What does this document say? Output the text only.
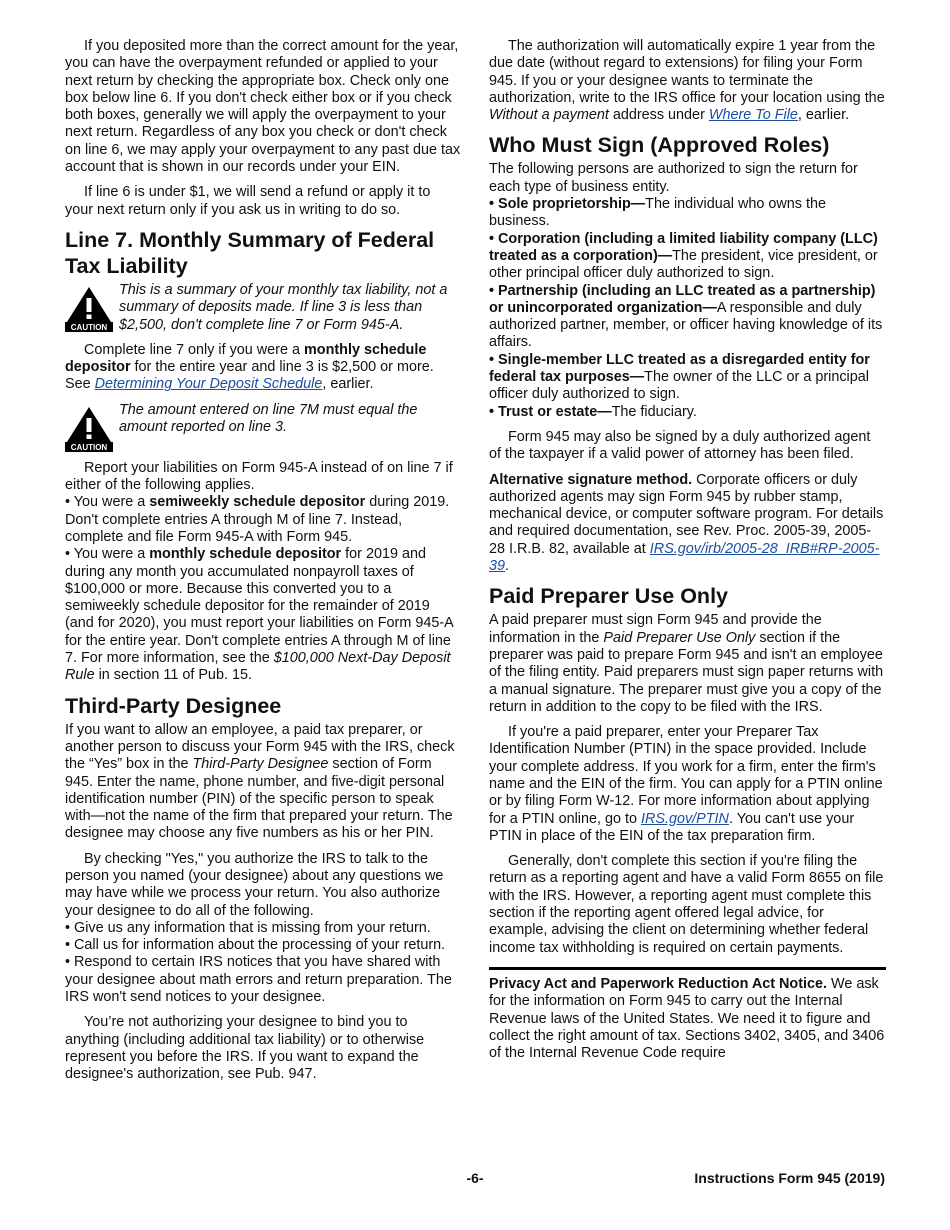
If you deposited more than the correct amount for the year, you can have the overpayment refunded or applied to your next return by checking the appropriate box. Check only one box below line 6. If you don't check either box or if you check both boxes, generally we will apply the overpayment to your next return. Regardless of any box you check or don't check on line 6, we may apply your overpayment to any past due tax account that is shown in our records under your EIN.

If line 6 is under $1, we will send a refund or apply it to your next return only if you ask us in writing to do so.

Line 7. Monthly Summary of Federal Tax Liability
CAUTION
This is a summary of your monthly tax liability, not a summary of deposits made. If line 3 is less than $2,500, don't complete line 7 or Form 945-A.

Complete line 7 only if you were a monthly schedule depositor for the entire year and line 3 is $2,500 or more. See Determining Your Deposit Schedule, earlier.

CAUTION
The amount entered on line 7M must equal the amount reported on line 3.

Report your liabilities on Form 945-A instead of on line 7 if either of the following applies.

• You were a semiweekly schedule depositor during 2019. Don't complete entries A through M of line 7. Instead, complete and file Form 945-A with Form 945.

• You were a monthly schedule depositor for 2019 and during any month you accumulated nonpayroll taxes of $100,000 or more. Because this converted you to a semiweekly schedule depositor for the remainder of 2019 (and for 2020), you must report your liabilities on Form 945-A for the entire year. Don't complete entries A through M of line 7. For more information, see the $100,000 Next-Day Deposit Rule in section 11 of Pub. 15.

Third-Party Designee

If you want to allow an employee, a paid tax preparer, or another person to discuss your Form 945 with the IRS, check the “Yes” box in the Third-Party Designee section of Form 945. Enter the name, phone number, and five-digit personal identification number (PIN) of the specific person to speak with—not the name of the firm that prepared your return. The designee may choose any five numbers as his or her PIN.

By checking "Yes," you authorize the IRS to talk to the person you named (your designee) about any questions we may have while we process your return. You also authorize your designee to do all of the following.

• Give us any information that is missing from your return.

• Call us for information about the processing of your return.

• Respond to certain IRS notices that you have shared with your designee about math errors and return preparation. The IRS won't send notices to your designee.

You’re not authorizing your designee to bind you to anything (including additional tax liability) or to otherwise represent you before the IRS. If you want to expand the designee's authorization, see Pub. 947.

The authorization will automatically expire 1 year from the due date (without regard to extensions) for filing your Form 945. If you or your designee wants to terminate the authorization, write to the IRS office for your location using the Without a payment address under Where To File, earlier.

Who Must Sign (Approved Roles)

The following persons are authorized to sign the return for each type of business entity.

• Sole proprietorship—The individual who owns the business.

• Corporation (including a limited liability company (LLC) treated as a corporation)—The president, vice president, or other principal officer duly authorized to sign.

• Partnership (including an LLC treated as a partnership) or unincorporated organization—A responsible and duly authorized partner, member, or officer having knowledge of its affairs.

• Single-member LLC treated as a disregarded entity for federal tax purposes—The owner of the LLC or a principal officer duly authorized to sign.

• Trust or estate—The fiduciary.

Form 945 may also be signed by a duly authorized agent of the taxpayer if a valid power of attorney has been filed.

Alternative signature method. Corporate officers or duly authorized agents may sign Form 945 by rubber stamp, mechanical device, or computer software program. For details and required documentation, see Rev. Proc. 2005-39, 2005-28 I.R.B. 82, available at IRS.gov/irb/2005-28_IRB#RP-2005-39.

Paid Preparer Use Only

A paid preparer must sign Form 945 and provide the information in the Paid Preparer Use Only section if the preparer was paid to prepare Form 945 and isn't an employee of the filing entity. Paid preparers must sign paper returns with a manual signature. The preparer must give you a copy of the return in addition to the copy to be filed with the IRS.

If you're a paid preparer, enter your Preparer Tax Identification Number (PTIN) in the space provided. Include your complete address. If you work for a firm, enter the firm's name and the EIN of the firm. You can apply for a PTIN online or by filing Form W-12. For more information about applying for a PTIN online, go to IRS.gov/PTIN. You can't use your PTIN in place of the EIN of the tax preparation firm.

Generally, don't complete this section if you're filing the return as a reporting agent and have a valid Form 8655 on file with the IRS. However, a reporting agent must complete this section if the reporting agent offered legal advice, for example, advising the client on determining whether federal income tax withholding is required on certain payments.

Privacy Act and Paperwork Reduction Act Notice. We ask for the information on Form 945 to carry out the Internal Revenue laws of the United States. We need it to figure and collect the right amount of tax. Sections 3402, 3405, and 3406 of the Internal Revenue Code require

-6-	Instructions Form 945 (2019)
